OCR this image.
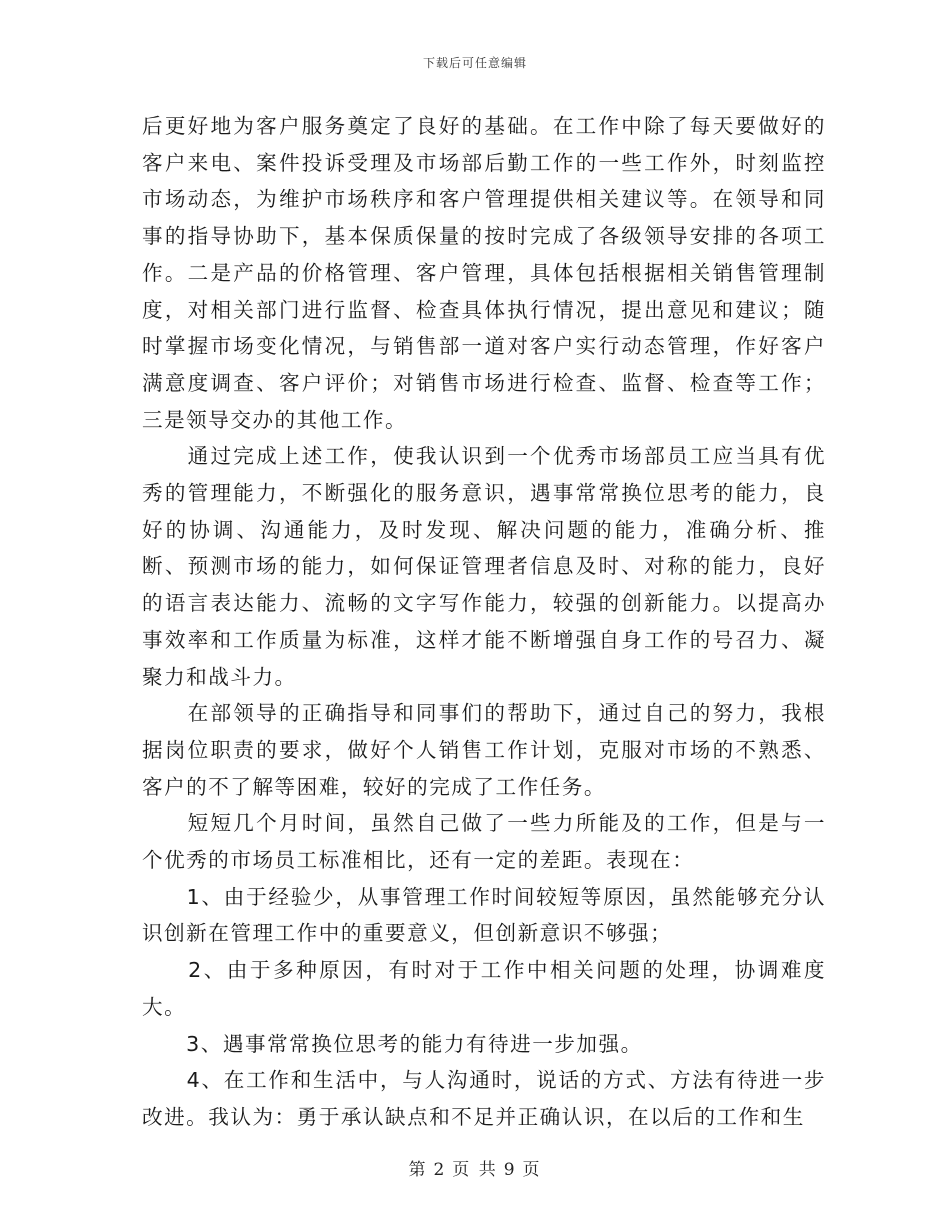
下载后可任意编辑

后更好地为客户服务奠定了良好的基础。在工作中除了每天要做好的客户来电、案件投诉受理及市场部后勤工作的一些工作外，时刻监控市场动态，为维护市场秩序和客户管理提供相关建议等。在领导和同事的指导协助下，基本保质保量的按时完成了各级领导安排的各项工作。二是产品的价格管理、客户管理，具体包括根据相关销售管理制度，对相关部门进行监督、检查具体执行情况，提出意见和建议；随时掌握市场变化情况，与销售部一道对客户实行动态管理，作好客户满意度调查、客户评价；对销售市场进行检查、监督、检查等工作；三是领导交办的其他工作。

　　通过完成上述工作，使我认识到一个优秀市场部员工应当具有优秀的管理能力，不断强化的服务意识，遇事常常换位思考的能力，良好的协调、沟通能力，及时发现、解决问题的能力，准确分析、推断、预测市场的能力，如何保证管理者信息及时、对称的能力，良好的语言表达能力、流畅的文字写作能力，较强的创新能力。以提高办事效率和工作质量为标准，这样才能不断增强自身工作的号召力、凝聚力和战斗力。

　　在部领导的正确指导和同事们的帮助下，通过自己的努力，我根据岗位职责的要求，做好个人销售工作计划，克服对市场的不熟悉、客户的不了解等困难，较好的完成了工作任务。

　　短短几个月时间，虽然自己做了一些力所能及的工作，但是与一个优秀的市场员工标准相比，还有一定的差距。表现在：

　　1、由于经验少，从事管理工作时间较短等原因，虽然能够充分认识创新在管理工作中的重要意义，但创新意识不够强；

　　2、由于多种原因，有时对于工作中相关问题的处理，协调难度大。

　　3、遇事常常换位思考的能力有待进一步加强。

　　4、在工作和生活中，与人沟通时，说话的方式、方法有待进一步改进。我认为：勇于承认缺点和不足并正确认识，在以后的工作和生

第 2 页 共 9 页
